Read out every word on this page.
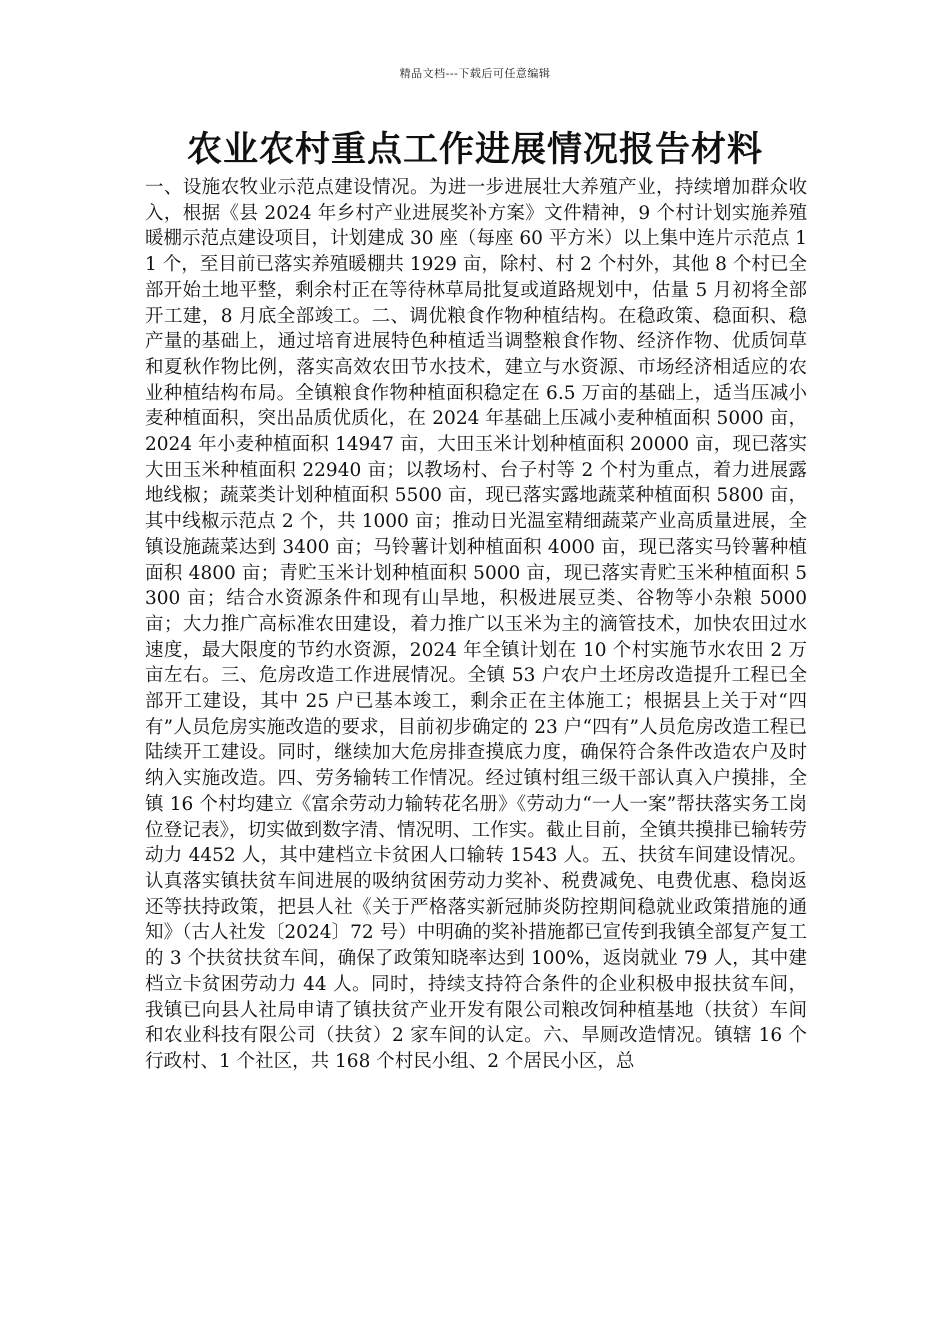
精品文档---下载后可任意编辑
农业农村重点工作进展情况报告材料

一、设施农牧业示范点建设情况。为进一步进展壮大养殖产业，持续增加群众收入，根据《县 2024 年乡村产业进展奖补方案》文件精神，9 个村计划实施养殖暖棚示范点建设项目，计划建成 30 座（每座 60 平方米）以上集中连片示范点 11 个，至目前已落实养殖暖棚共 1929 亩，除村、村 2 个村外，其他 8 个村已全部开始土地平整，剩余村正在等待林草局批复或道路规划中，估量 5 月初将全部开工建，8 月底全部竣工。二、调优粮食作物种植结构。在稳政策、稳面积、稳产量的基础上，通过培育进展特色种植适当调整粮食作物、经济作物、优质饲草和夏秋作物比例，落实高效农田节水技术，建立与水资源、市场经济相适应的农业种植结构布局。全镇粮食作物种植面积稳定在 6.5 万亩的基础上，适当压减小麦种植面积，突出品质优质化，在 2024 年基础上压减小麦种植面积 5000 亩，2024 年小麦种植面积 14947 亩，大田玉米计划种植面积 20000 亩，现已落实大田玉米种植面积 22940 亩；以教场村、台子村等 2 个村为重点，着力进展露地线椒；蔬菜类计划种植面积 5500 亩，现已落实露地蔬菜种植面积 5800 亩，其中线椒示范点 2 个，共 1000 亩；推动日光温室精细蔬菜产业高质量进展，全镇设施蔬菜达到 3400 亩；马铃薯计划种植面积 4000 亩，现已落实马铃薯种植面积 4800 亩；青贮玉米计划种植面积 5000 亩，现已落实青贮玉米种植面积 5300 亩；结合水资源条件和现有山旱地，积极进展豆类、谷物等小杂粮 5000 亩；大力推广高标准农田建设，着力推广以玉米为主的滴管技术，加快农田过水速度，最大限度的节约水资源，2024 年全镇计划在 10 个村实施节水农田 2 万亩左右。三、危房改造工作进展情况。全镇 53 户农户土坯房改造提升工程已全部开工建设，其中 25 户已基本竣工，剩余正在主体施工；根据县上关于对“四有”人员危房实施改造的要求，目前初步确定的 23 户“四有”人员危房改造工程已陆续开工建设。同时，继续加大危房排查摸底力度，确保符合条件改造农户及时纳入实施改造。四、劳务输转工作情况。经过镇村组三级干部认真入户摸排，全镇 16 个村均建立《富余劳动力输转花名册》《劳动力“一人一案”帮扶落实务工岗位登记表》，切实做到数字清、情况明、工作实。截止目前，全镇共摸排已输转劳动力 4452 人，其中建档立卡贫困人口输转 1543 人。五、扶贫车间建设情况。认真落实镇扶贫车间进展的吸纳贫困劳动力奖补、税费减免、电费优惠、稳岗返还等扶持政策，把县人社《关于严格落实新冠肺炎防控期间稳就业政策措施的通知》（古人社发〔2024〕72 号）中明确的奖补措施都已宣传到我镇全部复产复工的 3 个扶贫扶贫车间，确保了政策知晓率达到 100%，返岗就业 79 人，其中建档立卡贫困劳动力 44 人。同时，持续支持符合条件的企业积极申报扶贫车间，我镇已向县人社局申请了镇扶贫产业开发有限公司粮改饲种植基地（扶贫）车间和农业科技有限公司（扶贫）2 家车间的认定。六、旱厕改造情况。镇辖 16 个行政村、1 个社区，共 168 个村民小组、2 个居民小区，总
